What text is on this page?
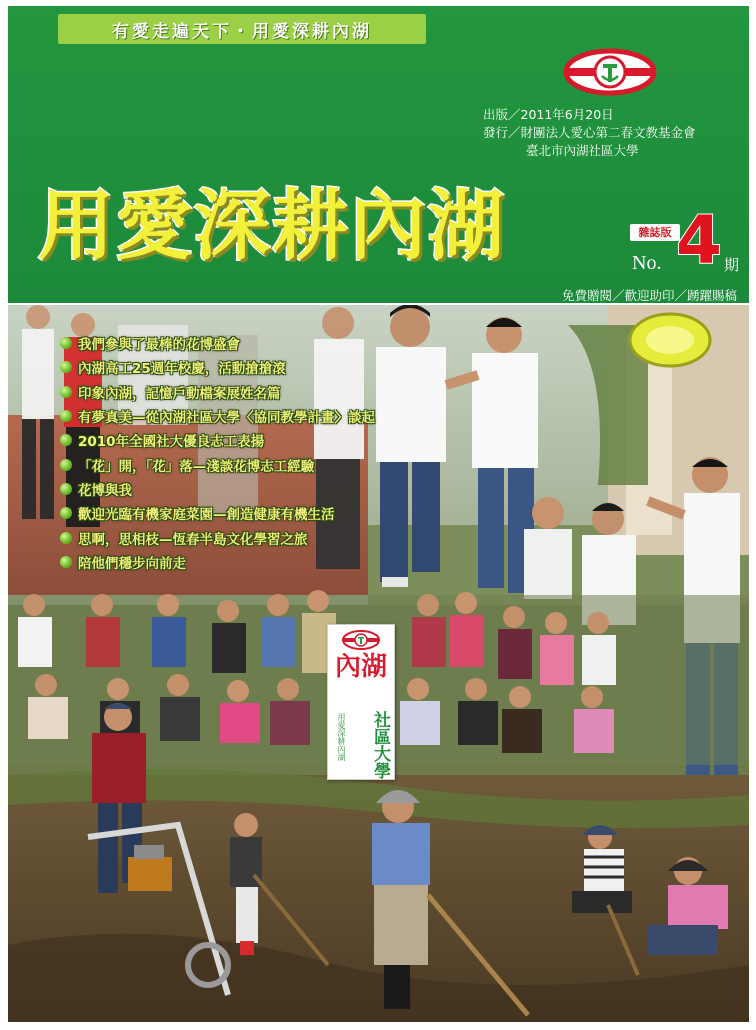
有愛走遍天下・用愛深耕內湖
出版／2011年6月20日
發行／財團法人愛心第二春文教基金會
臺北市內湖社區大學
用愛深耕內湖	雜誌版
No. 4 期
免費贈閱／歡迎助印／踴躍賜稿
我們參與了最棒的花博盛會
內湖高工25週年校慶，活動搶搶滾
印象內湖，記憶戶動檔案展姓名篇
有夢真美—從內湖社區大學〈協同教學計畫〉談起
2010年全國社大優良志工表揚
「花」開，「花」落—淺談花博志工經驗
花博與我
歡迎光臨有機家庭菜園—創造健康有機生活
思啊，思相枝—恆春半島文化學習之旅
陪他們穩步向前走
內湖
用愛深耕內湖	社區大學
